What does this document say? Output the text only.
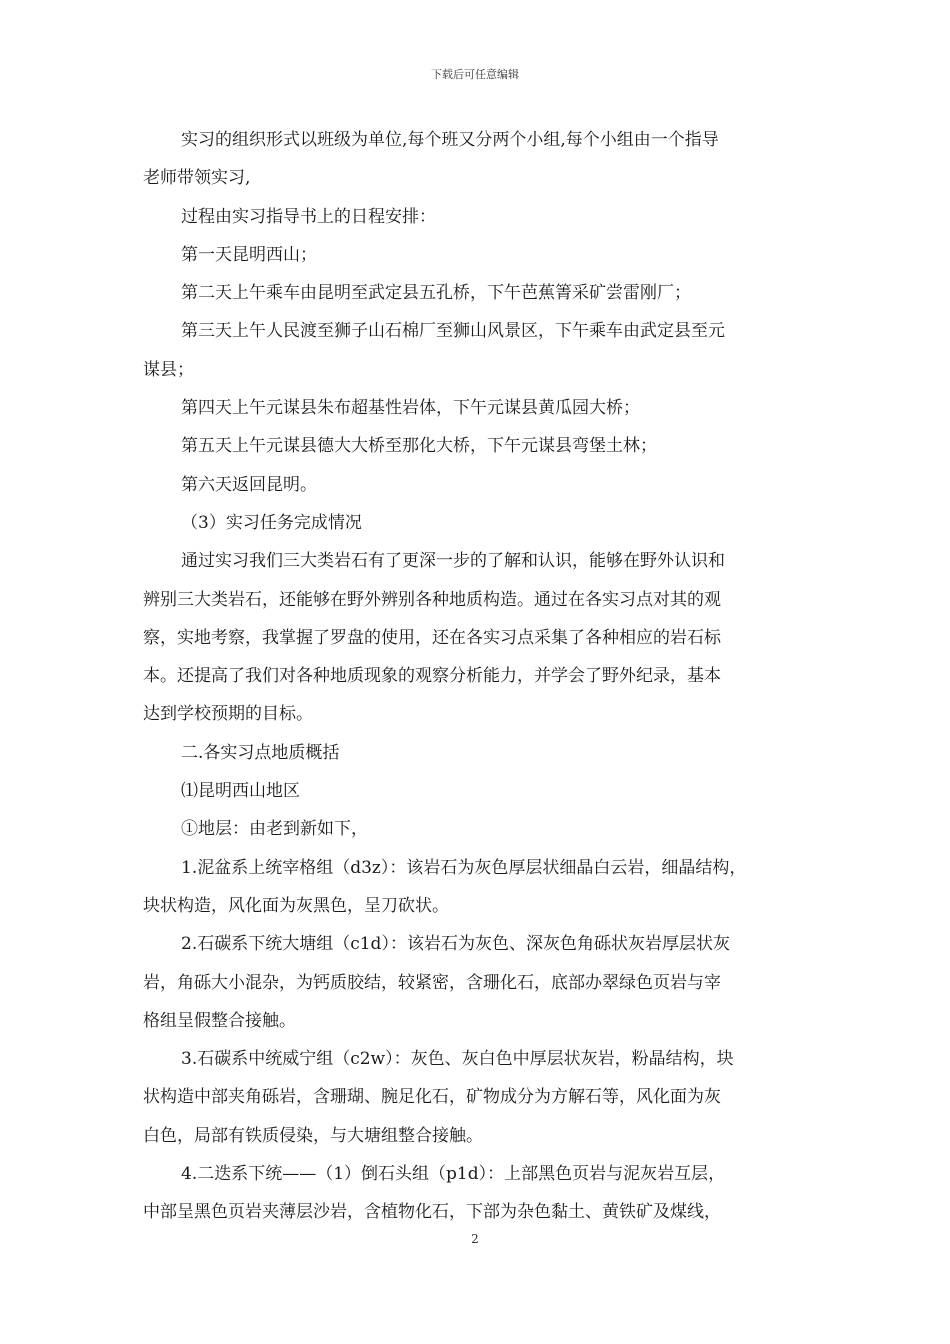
下载后可任意编辑

实习的组织形式以班级为单位,每个班又分两个小组,每个小组由一个指导

老师带领实习,

过程由实习指导书上的日程安排：

第一天昆明西山；

第二天上午乘车由昆明至武定县五孔桥，下午芭蕉箐采矿尝雷刚厂；

第三天上午人民渡至狮子山石棉厂至狮山风景区，下午乘车由武定县至元

谋县；

第四天上午元谋县朱布超基性岩体，下午元谋县黄瓜园大桥；

第五天上午元谋县德大大桥至那化大桥，下午元谋县弯堡土林；

第六天返回昆明。

（3）实习任务完成情况

通过实习我们三大类岩石有了更深一步的了解和认识，能够在野外认识和

辨别三大类岩石，还能够在野外辨别各种地质构造。通过在各实习点对其的观

察，实地考察，我掌握了罗盘的使用，还在各实习点采集了各种相应的岩石标

本。还提高了我们对各种地质现象的观察分析能力，并学会了野外纪录，基本

达到学校预期的目标。

二.各实习点地质概括

⑴昆明西山地区

①地层：由老到新如下，

1.泥盆系上统宰格组（d3z）：该岩石为灰色厚层状细晶白云岩，细晶结构，

块状构造，风化面为灰黑色，呈刀砍状。

2.石碳系下统大塘组（c1d）：该岩石为灰色、深灰色角砾状灰岩厚层状灰

岩，角砾大小混杂，为钙质胶结，较紧密，含珊化石，底部办翠绿色页岩与宰

格组呈假整合接触。

3.石碳系中统威宁组（c2w）：灰色、灰白色中厚层状灰岩，粉晶结构，块

状构造中部夹角砾岩，含珊瑚、腕足化石，矿物成分为方解石等，风化面为灰

白色，局部有铁质侵染，与大塘组整合接触。

4.二迭系下统——（1）倒石头组（p1d）：上部黑色页岩与泥灰岩互层，

中部呈黑色页岩夹薄层沙岩，含植物化石，下部为杂色黏土、黄铁矿及煤线，

2
